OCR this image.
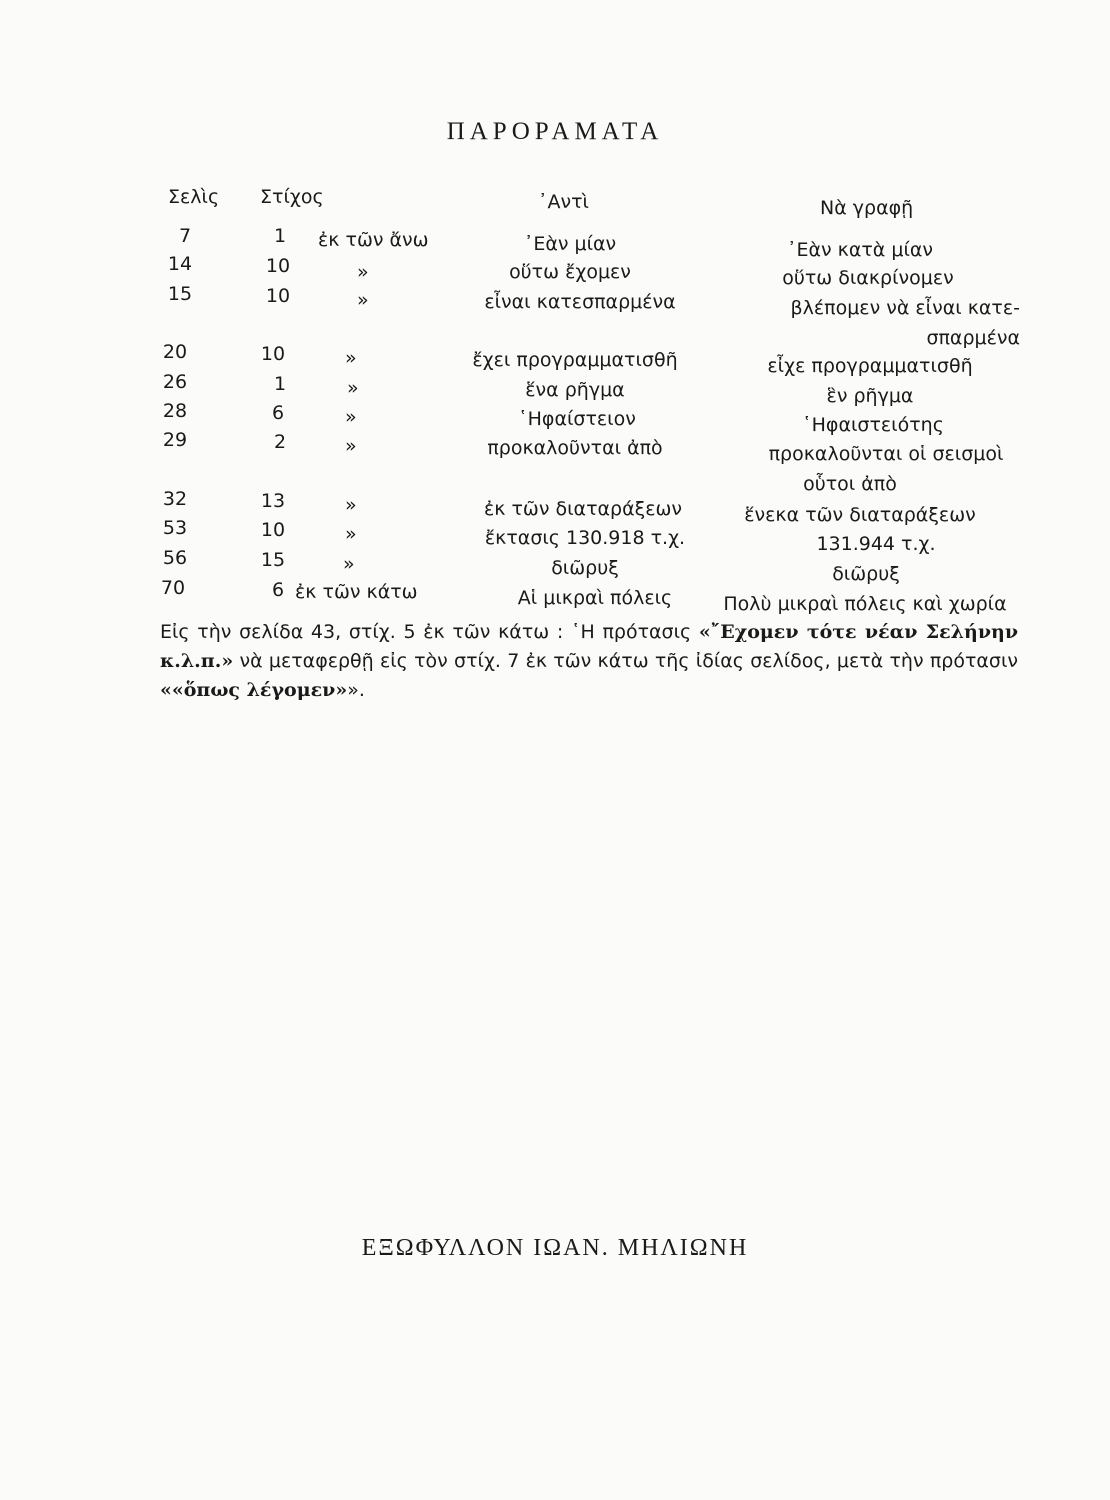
ΠΑΡΟΡΑΜΑΤΑ
Σελὶς Στίχος	᾿Αντὶ	Νὰ γραφῇ
7	1	ἐκ τῶν ἄνω	᾿Εὰν μίαν	᾿Εὰν κατὰ μίαν
14	10	»	οὕτω ἔχομεν	οὕτω διακρίνομεν
15	10	»	εἶναι κατεσπαρμένα	βλέπομεν νὰ εἶναι κατε-
σπαρμένα
20	10	»	ἔχει προγραμματισθῆ	εἶχε προγραμματισθῆ
26	1	»	ἕνα ρῆγμα	ἓν ρῆγμα
28	6	»	῾Ηφαίστειον	῾Ηφαιστειότης
29	2	»	προκαλοῦνται ἀπὸ	προκαλοῦνται οἱ σεισμοὶ
οὗτοι ἀπὸ
32	13	»	ἐκ τῶν διαταράξεων	ἕνεκα τῶν διαταράξεων
53	10	»	ἔκτασις 130.918 τ.χ.	131.944 τ.χ.
56	15	»	διῶρυξ	διῶρυξ
70	6 ἐκ τῶν κάτω	Αἱ μικραὶ πόλεις	Πολὺ μικραὶ πόλεις καὶ χωρία
Εἰς τὴν σελίδα 43, στίχ. 5 ἐκ τῶν κάτω : ῾Η πρότασις «῎Εχομεν τότε νέαν Σελήνην κ.λ.π.» νὰ μεταφερθῇ εἰς τὸν στίχ. 7 ἐκ τῶν κάτω τῆς ἰδίας σελίδος, μετὰ τὴν πρότασιν ««ὅπως λέγομεν»».
ΕΞΩΦΥΛΛΟΝ ΙΩΑΝ. ΜΗΛΙΩΝΗ
